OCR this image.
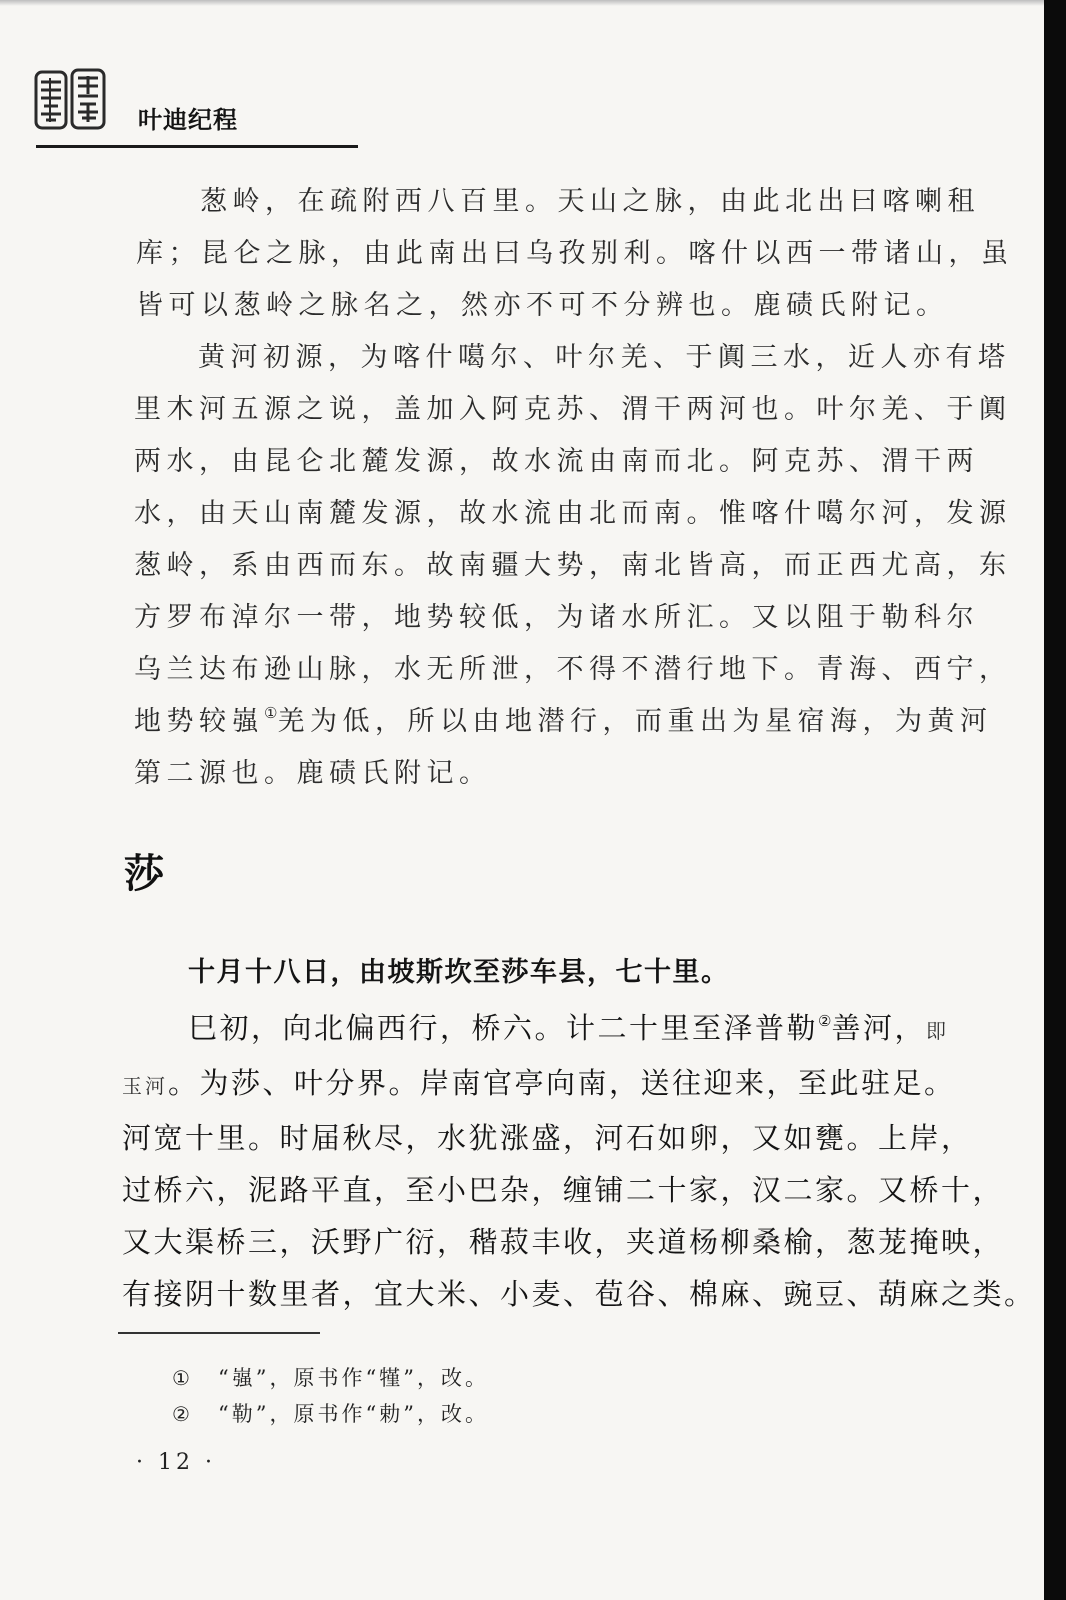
叶迪纪程

葱岭，在疏附西八百里。天山之脉，由此北出曰喀喇租
库；昆仑之脉，由此南出曰乌孜别利。喀什以西一带诸山，虽
皆可以葱岭之脉名之，然亦不可不分辨也。鹿碛氏附记。

黄河初源，为喀什噶尔、叶尔羌、于阗三水，近人亦有塔
里木河五源之说，盖加入阿克苏、渭干两河也。叶尔羌、于阗
两水，由昆仑北麓发源，故水流由南而北。阿克苏、渭干两
水，由天山南麓发源，故水流由北而南。惟喀什噶尔河，发源
葱岭，系由西而东。故南疆大势，南北皆高，而正西尤高，东
方罗布淖尔一带，地势较低，为诸水所汇。又以阻于勒科尔
乌兰达布逊山脉，水无所泄，不得不潜行地下。青海、西宁，
地势较嵹①羌为低，所以由地潜行，而重出为星宿海，为黄河
第二源也。鹿碛氏附记。

莎
十月十八日，由坡斯坎至莎车县，七十里。

巳初，向北偏西行，桥六。计二十里至泽普勒②善河，即
玉河。为莎、叶分界。岸南官亭向南，送往迎来，至此驻足。
河宽十里。时届秋尽，水犹涨盛，河石如卵，又如甕。上岸，
过桥六，泥路平直，至小巴杂，缠铺二十家，汉二家。又桥十，
又大渠桥三，沃野广衍，稭菽丰收，夹道杨柳桑榆，葱茏掩映，
有接阴十数里者，宜大米、小麦、苞谷、棉麻、豌豆、葫麻之类。

① “嵹”，原书作“㹏”，改。
② “勒”，原书作“勅”，改。
· 12 ·
